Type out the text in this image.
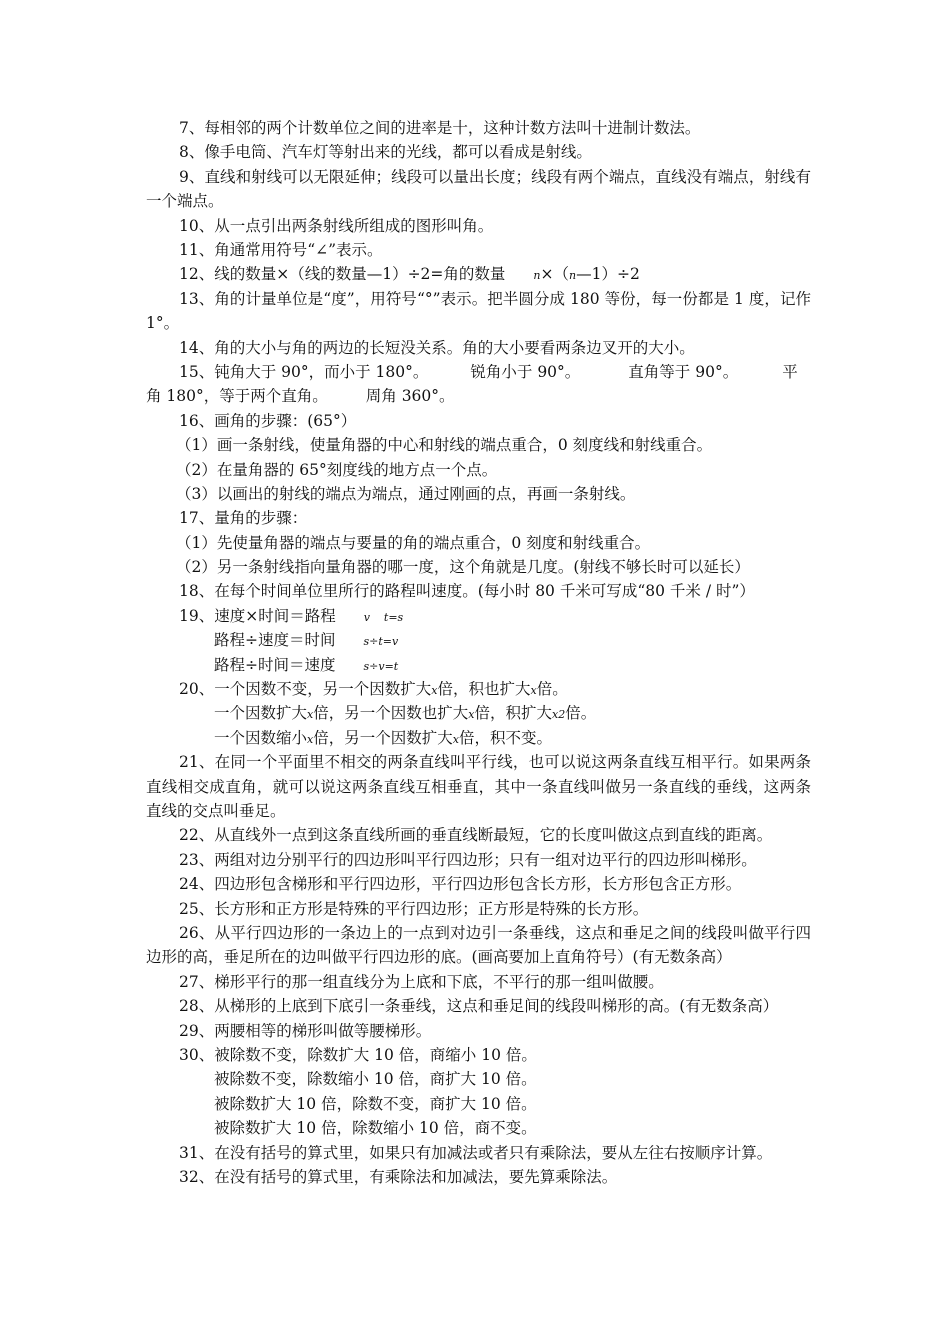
7、每相邻的两个计数单位之间的进率是十，这种计数方法叫十进制计数法。
8、像手电筒、汽车灯等射出来的光线，都可以看成是射线。
9、直线和射线可以无限延伸；线段可以量出长度；线段有两个端点，直线没有端点，射线有一个端点。
10、从一点引出两条射线所组成的图形叫角。
11、角通常用符号“∠”表示。
12、线的数量×（线的数量—1）÷2=角的数量	n×（n—1）÷2
13、角的计量单位是“度”，用符号“°”表示。把半圆分成 180 等份，每一份都是 1 度，记作 1°。
14、角的大小与角的两边的长短没关系。角的大小要看两条边叉开的大小。
15、钝角大于 90°，而小于 180°。	锐角小于 90°。	直角等于 90°。	平
角 180°，等于两个直角。 周角 360°。
16、画角的步骤：(65°）
（1）画一条射线，使量角器的中心和射线的端点重合，0 刻度线和射线重合。
（2）在量角器的 65°刻度线的地方点一个点。
（3）以画出的射线的端点为端点，通过刚画的点，再画一条射线。
17、量角的步骤：
（1）先使量角器的端点与要量的角的端点重合，0 刻度和射线重合。
（2）另一条射线指向量角器的哪一度，这个角就是几度。(射线不够长时可以延长）
18、在每个时间单位里所行的路程叫速度。(每小时 80 千米可写成“80 千米 / 时”）
19、速度×时间＝路程	v    t=s
路程÷速度＝时间	s÷t=v
路程÷时间＝速度	s÷v=t
20、一个因数不变，另一个因数扩大x倍，积也扩大x倍。
一个因数扩大x倍，另一个因数也扩大x倍，积扩大x2倍。
一个因数缩小x倍，另一个因数扩大x倍，积不变。
21、在同一个平面里不相交的两条直线叫平行线，也可以说这两条直线互相平行。如果两条直线相交成直角，就可以说这两条直线互相垂直，其中一条直线叫做另一条直线的垂线，这两条直线的交点叫垂足。
22、从直线外一点到这条直线所画的垂直线断最短，它的长度叫做这点到直线的距离。
23、两组对边分别平行的四边形叫平行四边形；只有一组对边平行的四边形叫梯形。
24、四边形包含梯形和平行四边形，平行四边形包含长方形，长方形包含正方形。
25、长方形和正方形是特殊的平行四边形；正方形是特殊的长方形。
26、从平行四边形的一条边上的一点到对边引一条垂线，这点和垂足之间的线段叫做平行四边形的高，垂足所在的边叫做平行四边形的底。(画高要加上直角符号）(有无数条高）
27、梯形平行的那一组直线分为上底和下底，不平行的那一组叫做腰。
28、从梯形的上底到下底引一条垂线，这点和垂足间的线段叫梯形的高。(有无数条高）
29、两腰相等的梯形叫做等腰梯形。
30、被除数不变，除数扩大 10 倍，商缩小 10 倍。
被除数不变，除数缩小 10 倍，商扩大 10 倍。
被除数扩大 10 倍，除数不变，商扩大 10 倍。
被除数扩大 10 倍，除数缩小 10 倍，商不变。
31、在没有括号的算式里，如果只有加减法或者只有乘除法，要从左往右按顺序计算。
32、在没有括号的算式里，有乘除法和加减法，要先算乘除法。
